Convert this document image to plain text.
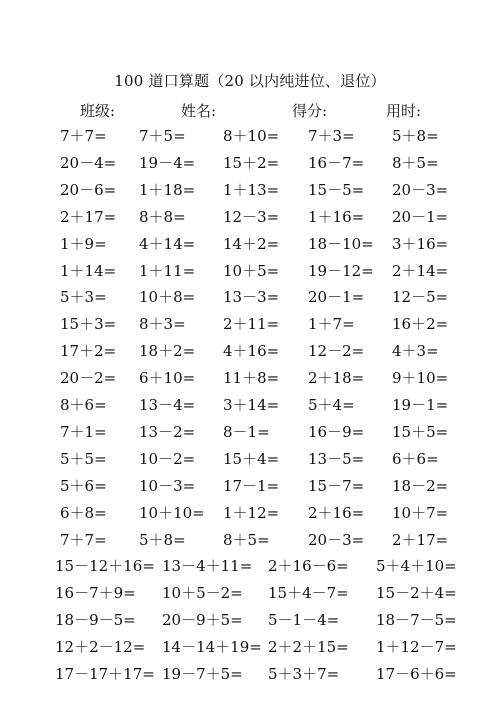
100 道口算题（20 以内纯进位、退位）
班级:	姓名:	得分:	用时:
7＋7= 7＋5= 8＋10= 7＋3= 5＋8=
20－4= 19－4= 15＋2= 16－7= 8＋5=
20－6= 1＋18= 1＋13= 15－5= 20－3=
2＋17= 8＋8= 12－3= 1＋16= 20－1=
1＋9= 4＋14= 14＋2= 18－10= 3＋16=
1＋14= 1＋11= 10＋5= 19－12= 2＋14=
5＋3= 10＋8= 13－3= 20－1= 12－5=
15＋3= 8＋3= 2＋11= 1＋7= 16＋2=
17＋2= 18＋2= 4＋16= 12－2= 4＋3=
20－2= 6＋10= 11＋8= 2＋18= 9＋10=
8＋6= 13－4= 3＋14= 5＋4= 19－1=
7＋1= 13－2= 8－1=	16－9= 15＋5=
5＋5= 10－2= 15＋4= 13－5= 6＋6=
5＋6= 10－3= 17－1= 15－7= 18－2=
6＋8= 10＋10= 1＋12= 2＋16= 10＋7=
7＋7= 5＋8= 8＋5=	20－3= 2＋17=
15－12＋16= 13－4＋11= 2＋16－6= 5＋4＋10=
16－7＋9= 10＋5－2= 15＋4－7= 15－2＋4=
18－9－5= 20－9＋5= 5－1－4= 18－7－5=
12＋2－12= 14－14＋19= 2＋2＋15= 1＋12－7=
17－17＋17= 19－7＋5= 5＋3＋7= 17－6＋6=
